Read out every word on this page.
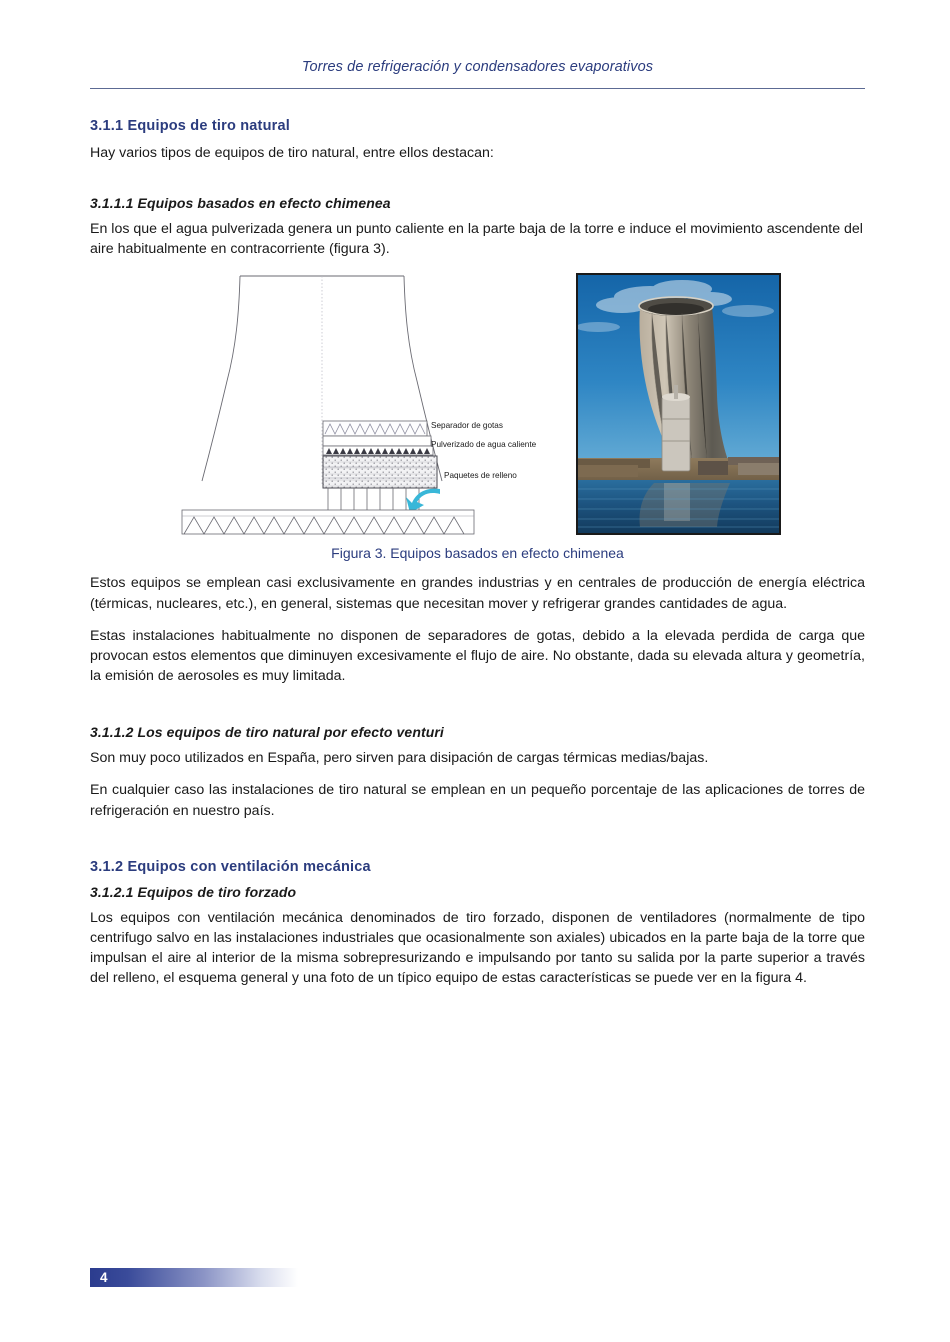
Torres de refrigeración y condensadores evaporativos
3.1.1 Equipos de tiro natural

Hay varios tipos de equipos de tiro natural, entre ellos destacan:

3.1.1.1 Equipos basados en efecto chimenea

En los que el agua pulverizada genera un punto caliente en la parte baja de la torre e induce el movimiento ascendente del aire habitualmente en contracorriente (figura 3).

Separador de gotas
Pulverizado de agua caliente
Paquetes de relleno
Figura 3. Equipos basados en efecto chimenea

Estos equipos se emplean casi exclusivamente en grandes industrias y en centrales de producción de energía eléctrica (térmicas, nucleares, etc.), en general, sistemas que necesitan mover y refrigerar grandes cantidades de agua.

Estas instalaciones habitualmente no disponen de separadores de gotas, debido a la elevada perdida de carga que provocan estos elementos que diminuyen excesivamente el flujo de aire. No obstante, dada su elevada altura y geometría, la emisión de aerosoles es muy limitada.

3.1.1.2 Los equipos de tiro natural por efecto venturi

Son muy poco utilizados en España, pero sirven para disipación de cargas térmicas medias/bajas.

En cualquier caso las instalaciones de tiro natural se emplean en un pequeño porcentaje de las aplicaciones de torres de refrigeración en nuestro país.

3.1.2 Equipos con ventilación mecánica
3.1.2.1 Equipos de tiro forzado

Los equipos con ventilación mecánica denominados de tiro forzado, disponen de ventiladores (normalmente de tipo centrifugo salvo en las instalaciones industriales que ocasionalmente son axiales) ubicados en la parte baja de la torre que impulsan el aire al interior de la misma sobrepresurizando e impulsando por tanto su salida por la parte superior a través del relleno, el esquema general y una foto de un típico equipo de estas características se puede ver en la figura 4.

4
